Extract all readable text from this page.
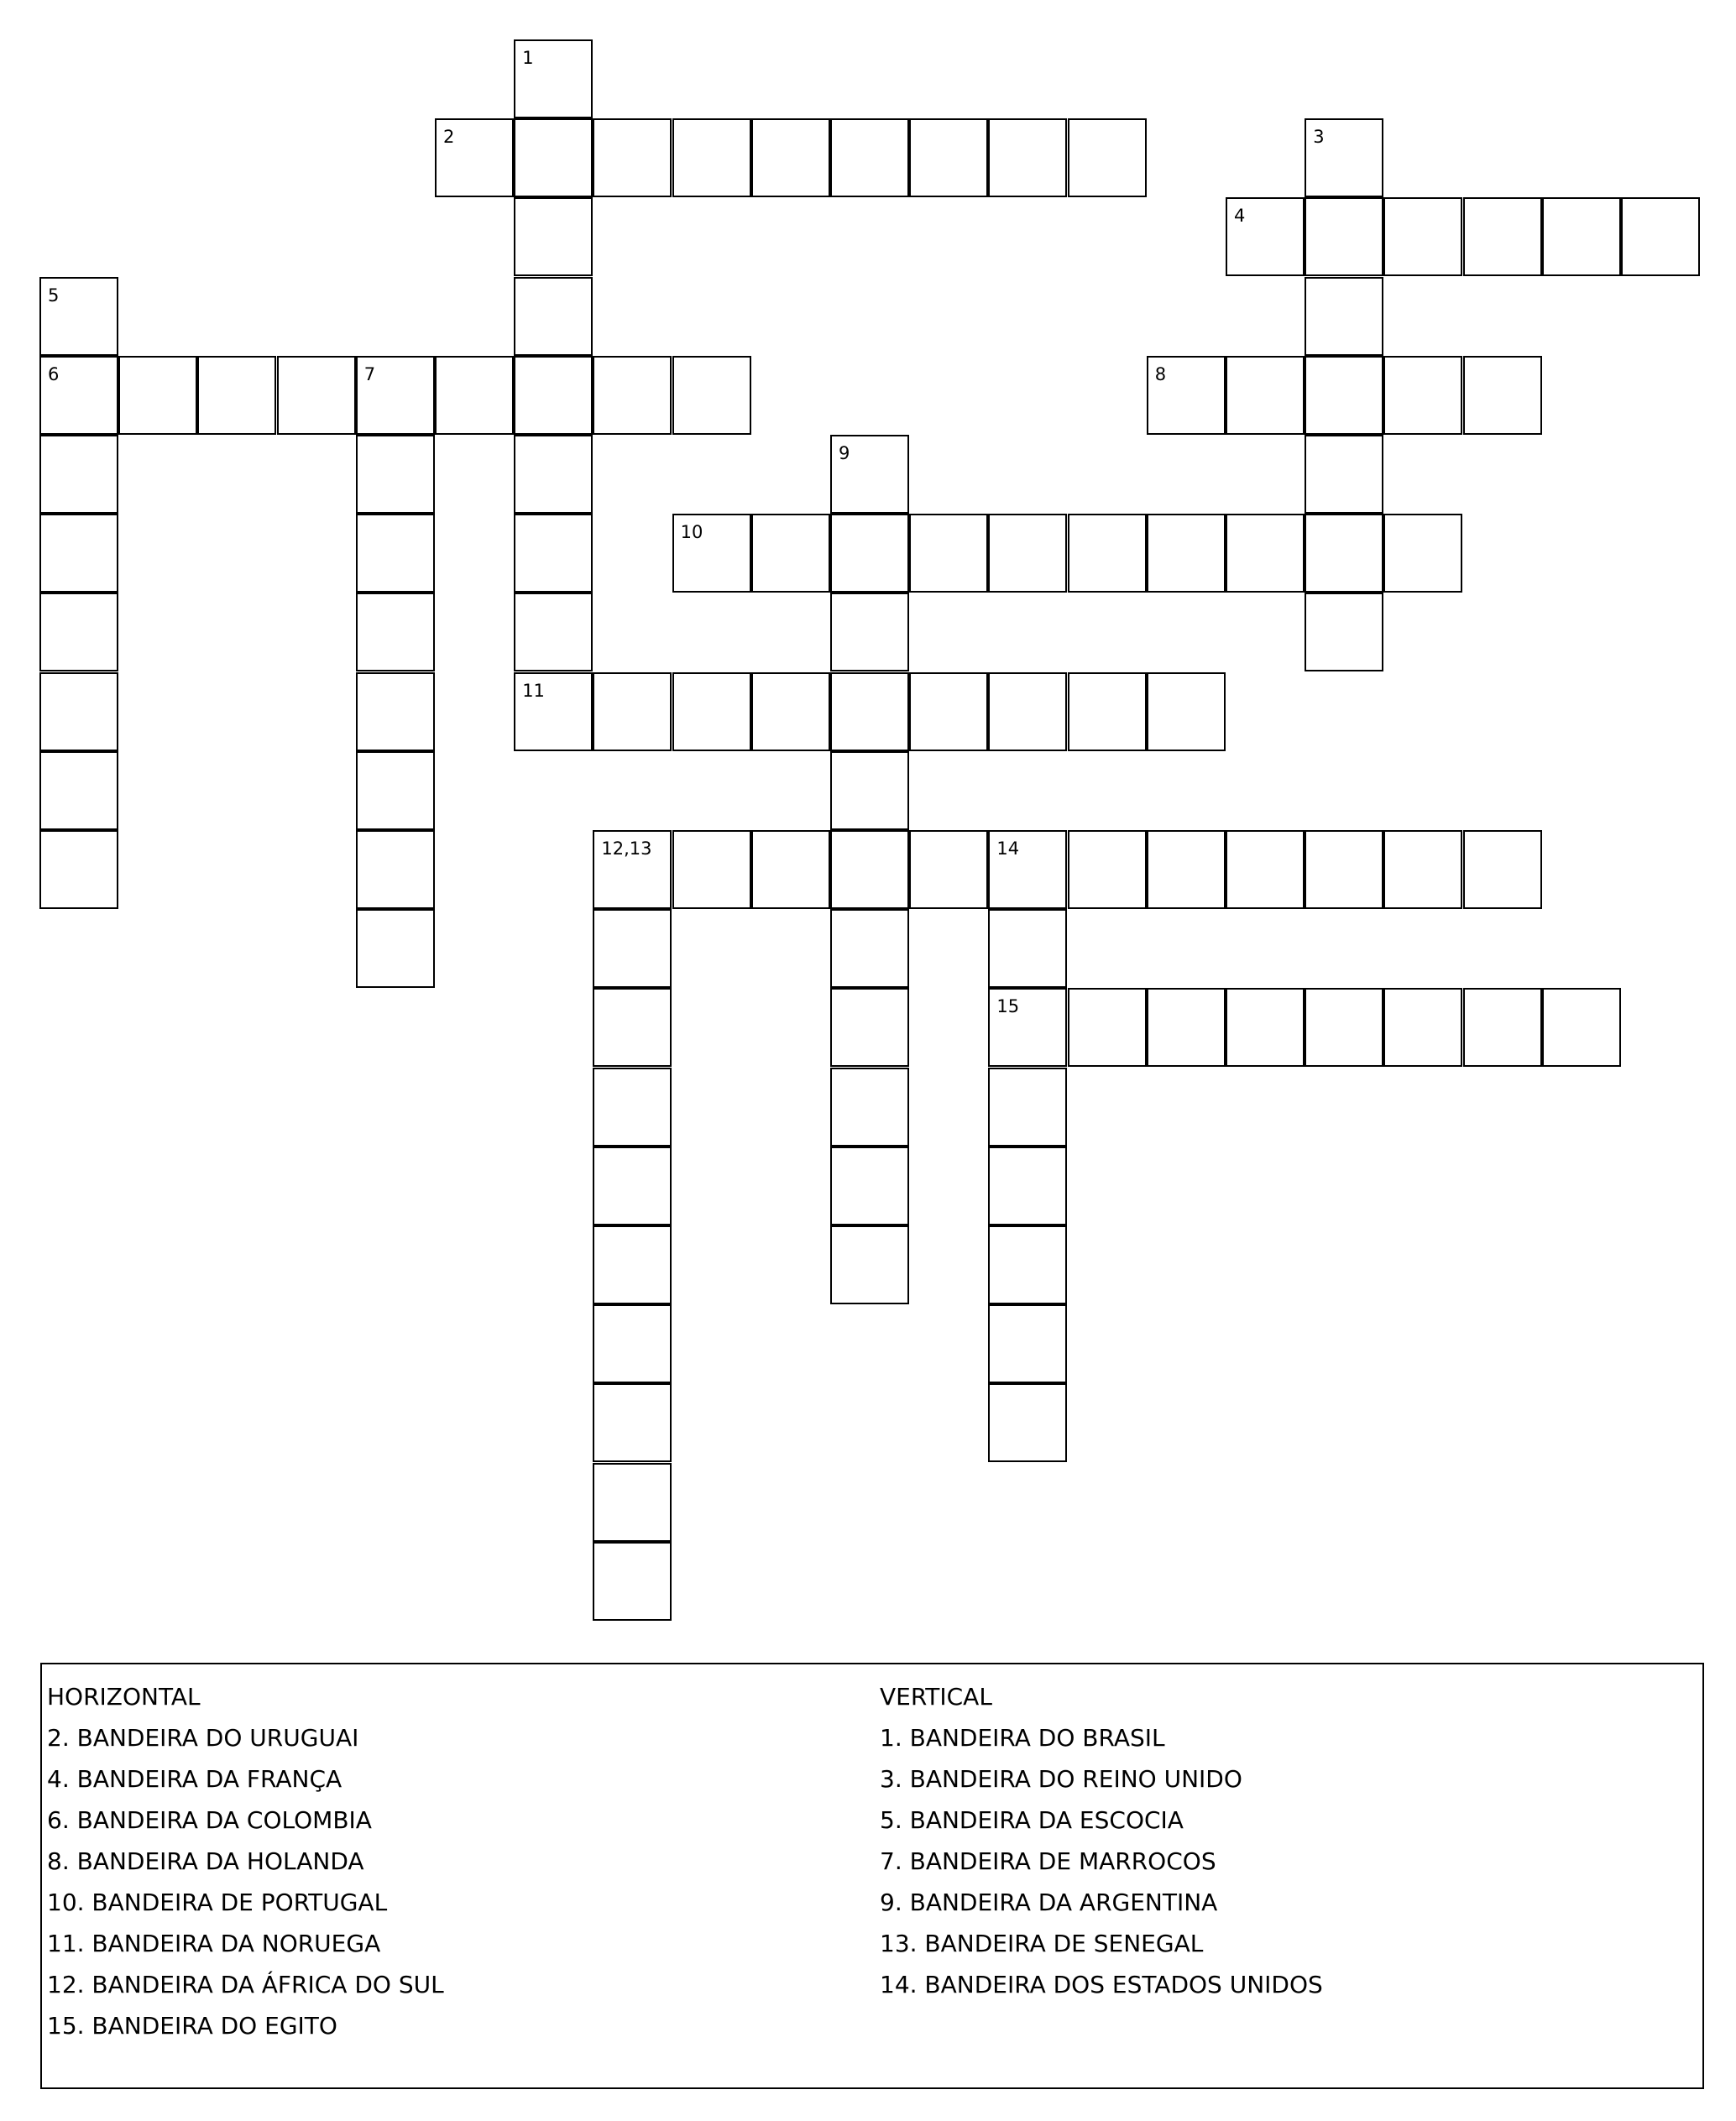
1
2	3
4
5
6	7	8
9
10
11
12,13	14
15
HORIZONTAL
2. BANDEIRA DO URUGUAI
4. BANDEIRA DA FRANÇA
6. BANDEIRA DA COLOMBIA
8. BANDEIRA DA HOLANDA
10. BANDEIRA DE PORTUGAL
11. BANDEIRA DA NORUEGA
12. BANDEIRA DA ÁFRICA DO SUL
15. BANDEIRA DO EGITO
VERTICAL
1. BANDEIRA DO BRASIL
3. BANDEIRA DO REINO UNIDO
5. BANDEIRA DA ESCOCIA
7. BANDEIRA DE MARROCOS
9. BANDEIRA DA ARGENTINA
13. BANDEIRA DE SENEGAL
14. BANDEIRA DOS ESTADOS UNIDOS
